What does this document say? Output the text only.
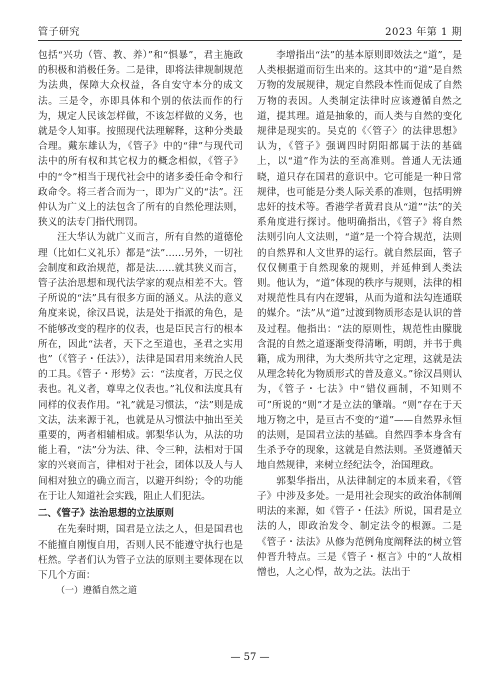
管子研究	2023 年第 1 期

包括“兴功（管、教、养）”和“惧暴”，君主施政的积极和消极任务。二是律，即将法律规制规范为法典，保障大众权益，各自安守本分的成文法。三是令，亦即具体和个别的依法而作的行为，规定人民该怎样做，不该怎样做的义务，也就是令人知事。按照现代法理解释，这种分类最合理。戴东雄认为，《管子》中的“律”与现代司法中的所有权和其它权力的概念相似，《管子》中的“令”相当于现代社会中的诸多委任命令和行政命令。将三者合而为一，即为广义的“法”。汪仲认为广义上的法包含了所有的自然伦理法则，狭义的法专门指代刑罚。

汪大华认为就广义而言，所有自然的道德伦理（比如仁义礼乐）都是“法”……另外，一切社会制度和政治规范，都是法……就其狭义而言，管子法治思想和现代法学家的观点相差不大。管子所说的“法”具有很多方面的涵义。从法的意义角度来说，徐汉昌说，法是处于指派的角色，是不能够改变的程序的仪表，也是臣民言行的根本所在，因此“法者，天下之至道也，圣君之实用也”（《管子・任法》），法律是国君用来统治人民的工具。《管子・形势》云：“法度者，万民之仪表也。礼义者，尊卑之仪表也。”礼仪和法度具有同样的仪表作用。“礼”就是习惯法，“法”则是成文法，法来源于礼，也就是从习惯法中抽出至关重要的，两者相辅相成。郭梨华认为，从法的功能上看，“法”分为法、律、令三种，法相对于国家的兴衰而言，律相对于社会，团体以及人与人间相对独立的确立而言，以避开纠纷；令的功能在于让人知道社会实践，阻止人们犯法。

二、《管子》法治思想的立法原则

在先秦时期，国君是立法之人，但是国君也不能擅自刚愎自用，否则人民不能遵守执行也是枉然。学者们认为管子立法的原则主要体现在以下几个方面：

（一）遵循自然之道

李增指出“法”的基本原则即效法之“道”，是人类根据道而衍生出来的。这其中的“道”是自然万物的发展规律，规定自然段本性而促成了自然万物的表因。人类制定法律时应该遵循自然之道，提其理。道是抽象的，而人类与自然的变化规律是现实的。吴克的《〈管子〉的法律思想》认为，《管子》强调四时阴阳都属于法的基础上，以“道”作为法的至高准则。普通人无法通晓，道只存在国君的意识中。它可能是一种日常规律，也可能是分类人际关系的准则，包括明辨忠奸的技术等。香港学者黄君良从“道”“法”的关系角度进行探讨。他明确指出，《管子》将自然法则引向人文法则，“道”是一个符合规范，法则的自然界和人文世界的运行。就自然层面，管子仅仅侧重于自然现象的规则，并延伸到人类法则。他认为，“道”体现的秩序与规则，法律的相对规范性具有内在逻辑，从而为道和法勾连通联的媒介。“法”从“道”过渡到物质形态是认识的普及过程。他指出：“法的原则性，规范性由朦胧含混的自然之道逐渐变得清晰，明朗，并书于典籍，成为刑律，为大类所共守之定理，这就是法从理念转化为物质形式的普及意义。”徐汉昌则认为，《管子・七法》中“错仪画制，不知则不可”所说的“则”才是立法的肇端。“则”存在于天地万物之中，是亘古不变的“道”——自然界永恒的法则，是国君立法的基础。自然四季本身含有生杀予夺的现象，这就是自然法则。圣贤遵循天地自然规律，来树立经纪法令，治国理政。

郭梨华指出，从法律制定的本质来看，《管子》中涉及多处。一是用社会现实的政治体制阐明法的来源，如《管子・任法》所说，国君是立法的人，即政治发令、制定法令的根源。二是《管子・法法》从修为范例角度阐释法的树立管仲晋升特点。三是《管子・枢言》中的“人故相憎也，人之心悍，故为之法。法出于

— 57 —
